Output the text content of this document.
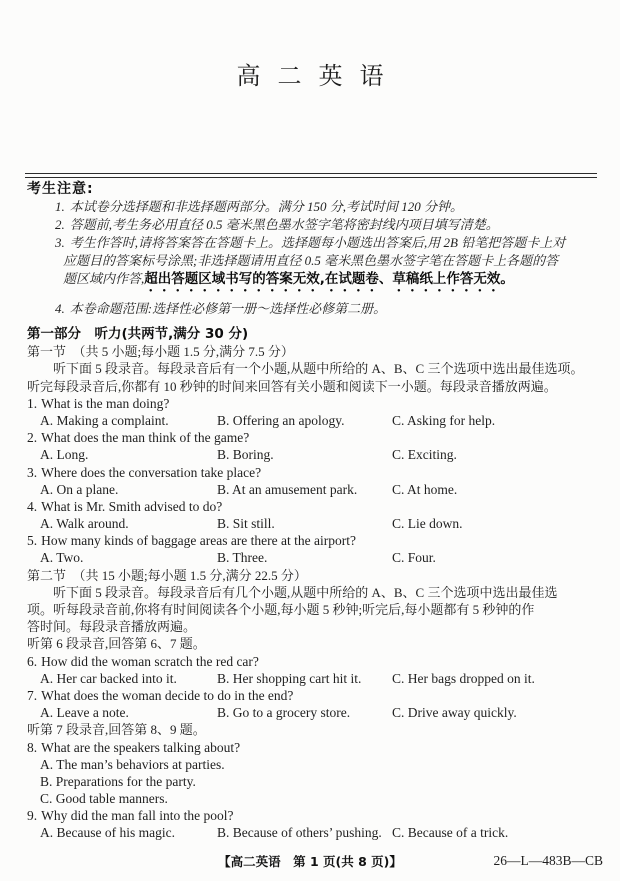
高二英语
考生注意:
1. 本试卷分选择题和非选择题两部分。满分 150 分,考试时间 120 分钟。
2. 答题前,考生务必用直径 0.5 毫米黑色墨水签字笔将密封线内项目填写清楚。
3. 考生作答时,请将答案答在答题卡上。选择题每小题选出答案后,用 2B 铅笔把答题卡上对
应题目的答案标号涂黑;非选择题请用直径 0.5 毫米黑色墨水签字笔在答题卡上各题的答
题区域内作答,超出答题区域书写的答案无效,在试题卷、草稿纸上作答无效。
4. 本卷命题范围:选择性必修第一册～选择性必修第二册。
第一部分　听力(共两节,满分 30 分)
第一节　（共 5 小题;每小题 1.5 分,满分 7.5 分）
听下面 5 段录音。每段录音后有一个小题,从题中所给的 A、B、C 三个选项中选出最佳选项。
听完每段录音后,你都有 10 秒钟的时间来回答有关小题和阅读下一小题。每段录音播放两遍。
1. What is the man doing?
A. Making a complaint.	B. Offering an apology.	C. Asking for help.
2. What does the man think of the game?
A. Long.	B. Boring.	C. Exciting.
3. Where does the conversation take place?
A. On a plane.	B. At an amusement park.	C. At home.
4. What is Mr. Smith advised to do?
A. Walk around.	B. Sit still.	C. Lie down.
5. How many kinds of baggage areas are there at the airport?
A. Two.	B. Three.	C. Four.
第二节　（共 15 小题;每小题 1.5 分,满分 22.5 分）
听下面 5 段录音。每段录音后有几个小题,从题中所给的 A、B、C 三个选项中选出最佳选
项。听每段录音前,你将有时间阅读各个小题,每小题 5 秒钟;听完后,每小题都有 5 秒钟的作
答时间。每段录音播放两遍。
听第 6 段录音,回答第 6、7 题。
6. How did the woman scratch the red car?
A. Her car backed into it.	B. Her shopping cart hit it. C. Her bags dropped on it.
7. What does the woman decide to do in the end?
A. Leave a note.	B. Go to a grocery store.	C. Drive away quickly.
听第 7 段录音,回答第 8、9 题。
8. What are the speakers talking about?
A. The man’s behaviors at parties.
B. Preparations for the party.
C. Good table manners.
9. Why did the man fall into the pool?
A. Because of his magic.	B. Because of others’ pushing. C. Because of a trick.
【高二英语　第 1 页(共 8 页)】	26—L—483B—CB
